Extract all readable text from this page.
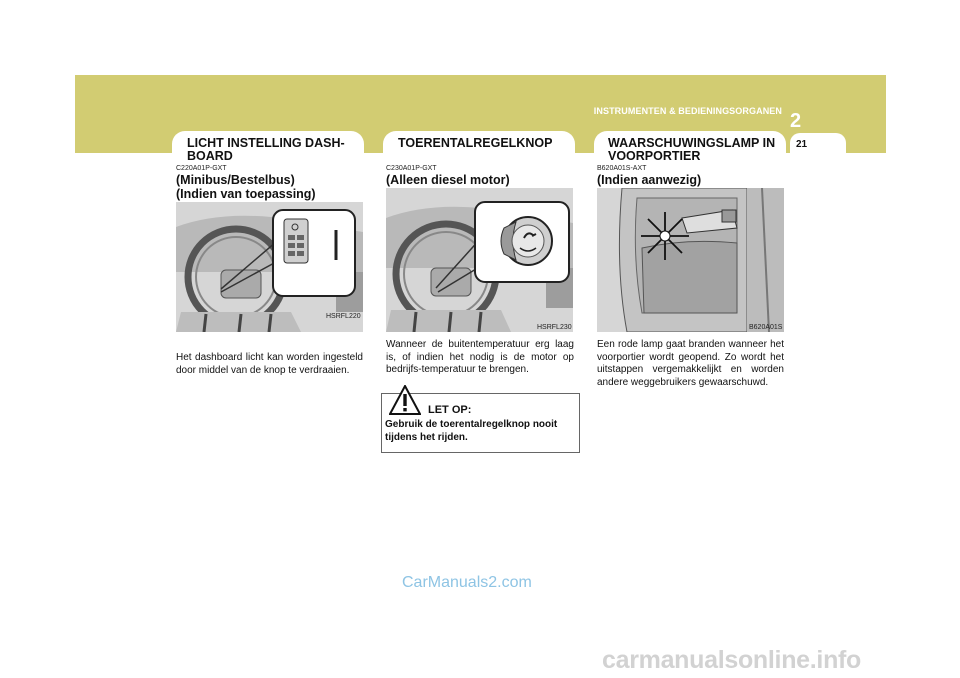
INSTRUMENTEN & BEDIENINGSORGANEN 2
21
LICHT INSTELLING DASH-
BOARD
C220A01P-GXT
(Minibus/Bestelbus)
(Indien van toepassing)
HSRFL220
Het dashboard licht kan worden ingesteld door middel van de knop te verdraaien.
TOERENTALREGELKNOP
C230A01P-GXT
(Alleen diesel motor)
HSRFL230
Wanneer de buitentemperatuur erg laag is, of indien het nodig is de motor op bedrijfs-temperatuur te brengen.
LET OP:
Gebruik de toerentalregelknop nooit tijdens het rijden.
WAARSCHUWINGSLAMP IN
VOORPORTIER
B620A01S-AXT
(Indien aanwezig)
B620A01S
Een rode lamp gaat branden wanneer het voorportier wordt geopend. Zo wordt het uitstappen vergemakkelijkt en worden andere weggebruikers gewaarschuwd.
CarManuals2.com
carmanualsonline.info
